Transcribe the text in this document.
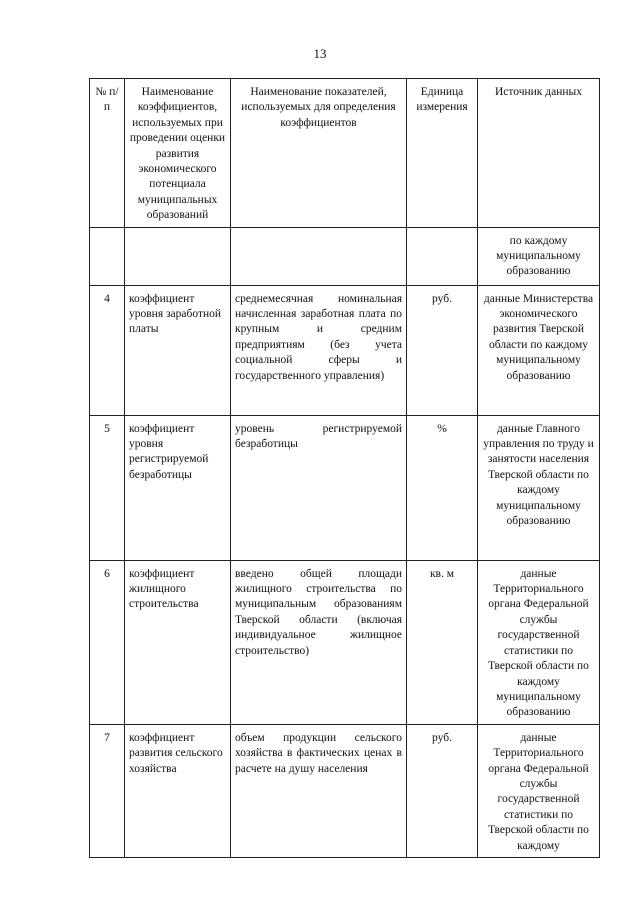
13
№ п/п	Наименование коэффициентов, используемых при проведении оценки развития экономического потенциала муниципальных образований	Наименование показателей, используемых для определения коэффициентов	Единица измерения	Источник данных
				по каждому муниципальному образованию
4	коэффициент уровня заработной платы	среднемесячная номинальная начисленная заработная плата по крупным и средним предприятиям (без учета социальной сферы и государственного управления)	руб.	данные Министерства экономического развития Тверской области по каждому муниципальному образованию
5	коэффициент уровня регистрируемой безработицы	уровень регистрируемой безработицы	%	данные Главного управления по труду и занятости населения Тверской области по каждому муниципальному образованию
6	коэффициент жилищного строительства	введено общей площади жилищного строительства по муниципальным образованиям Тверской области (включая индивидуальное жилищное строительство)	кв. м	данные Территориального органа Федеральной службы государственной статистики по Тверской области по каждому муниципальному образованию
7	коэффициент развития сельского хозяйства	объем продукции сельского хозяйства в фактических ценах в расчете на душу населения	руб.	данные Территориального органа Федеральной службы государственной статистики по Тверской области по каждому
